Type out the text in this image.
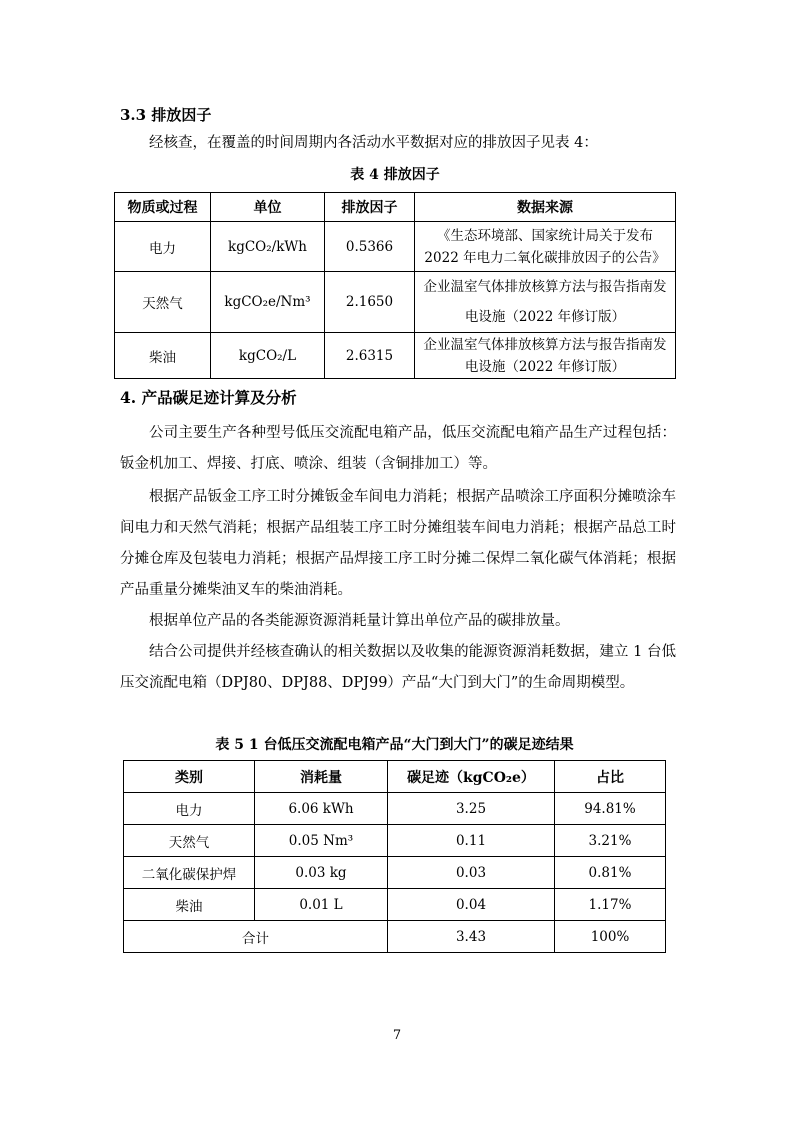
3.3 排放因子
经核查，在覆盖的时间周期内各活动水平数据对应的排放因子见表 4：
表 4 排放因子
物质或过程	单位	排放因子	数据来源
电力	kgCO₂/kWh	0.5366	《生态环境部、国家统计局关于发布 2022 年电力二氧化碳排放因子的公告》
天然气	kgCO₂e/Nm³	2.1650	企业温室气体排放核算方法与报告指南发电设施（2022 年修订版）
柴油	kgCO₂/L	2.6315	企业温室气体排放核算方法与报告指南发电设施（2022 年修订版）
4. 产品碳足迹计算及分析
公司主要生产各种型号低压交流配电箱产品，低压交流配电箱产品生产过程包括：钣金机加工、焊接、打底、喷涂、组装（含铜排加工）等。
根据产品钣金工序工时分摊钣金车间电力消耗；根据产品喷涂工序面积分摊喷涂车间电力和天然气消耗；根据产品组装工序工时分摊组装车间电力消耗；根据产品总工时分摊仓库及包装电力消耗；根据产品焊接工序工时分摊二保焊二氧化碳气体消耗；根据产品重量分摊柴油叉车的柴油消耗。
根据单位产品的各类能源资源消耗量计算出单位产品的碳排放量。
结合公司提供并经核查确认的相关数据以及收集的能源资源消耗数据，建立 1 台低压交流配电箱（DPJ80、DPJ88、DPJ99）产品“大门到大门”的生命周期模型。
表 5 1 台低压交流配电箱产品“大门到大门”的碳足迹结果
类别	消耗量	碳足迹（kgCO₂e）	占比
电力	6.06 kWh	3.25	94.81%
天然气	0.05 Nm³	0.11	3.21%
二氧化碳保护焊	0.03 kg	0.03	0.81%
柴油	0.01 L	0.04	1.17%
合计		3.43	100%
7
